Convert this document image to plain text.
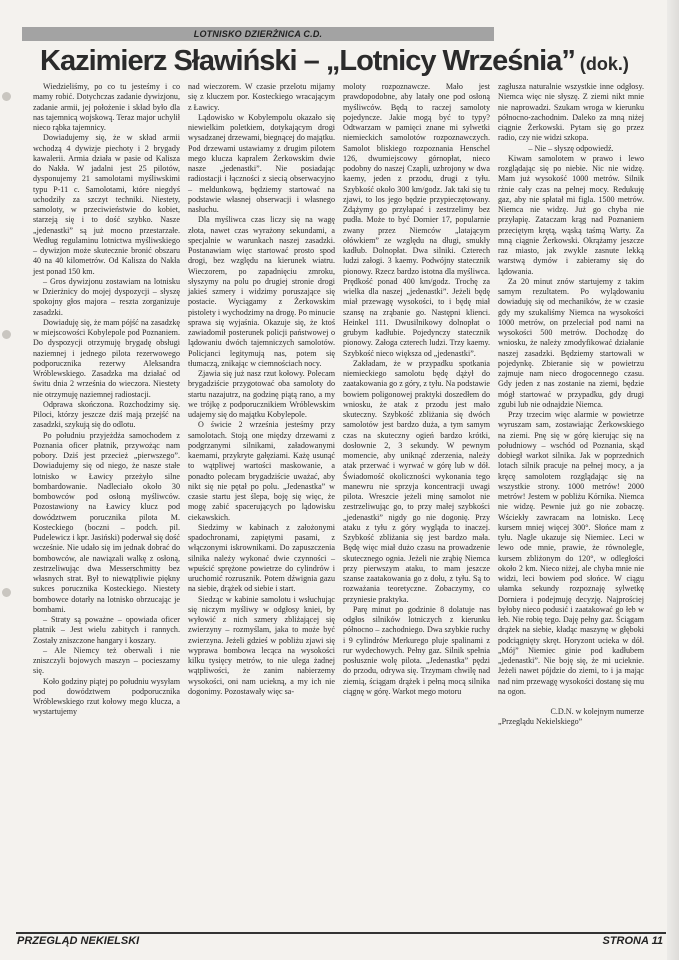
LOTNISKO DZIERŻNICA C.D.
Kazimierz Sławiński – „Lotnicy Września” (dok.)

Wiedzieliśmy, po co tu jesteśmy i co mamy robić. Dotychczas zadanie dywizjonu, zadanie armii, jej położenie i skład było dla nas tajemnicą wojskową. Teraz major uchylił nieco rąbka tajemnicy.

Dowiadujemy się, że w skład armii wchodzą 4 dywizje piechoty i 2 brygady kawalerii. Armia działa w pasie od Kalisza do Nakła. W jadalni jest 25 pilotów, dysponujemy 21 samolotami myśliwskimi typu P-11 c. Samolotami, które niegdyś uchodziły za szczyt techniki. Niestety, samoloty, w przeciwieństwie do kobiet, starzeją się i to dość szybko. Nasze „jedenastki” są już mocno przestarzałe. Według regulaminu lotnictwa myśliwskiego – dywizjon może skutecznie bronić obszaru 40 na 40 kilometrów. Od Kalisza do Nakła jest ponad 150 km.

– Gros dywizjonu zostawiam na lotnisku w Dzierżnicy do mojej dyspozycji – słyszę spokojny głos majora – reszta zorganizuje zasadzki.

Dowiaduję się, że mam pójść na zasadzkę w miejscowości Kobylepole pod Poznaniem. Do dyspozycji otrzymuję brygadę obsługi naziemnej i jednego pilota rezerwowego podporucznika rezerwy Aleksandra Wróblewskiego. Zasadzka ma działać od świtu dnia 2 września do wieczora. Niestety nie otrzymuję naziemnej radiostacji.

Odprawa skończona. Rozchodzimy się. Piloci, którzy jeszcze dziś mają przejść na zasadzki, szykują się do odlotu.

Po południu przyjeżdża samochodem z Poznania oficer płatnik, przywożąc nam pobory. Dziś jest przecież „pierwszego”. Dowiadujemy się od niego, że nasze stałe lotnisko w Ławicy przeżyło silne bombardowanie. Nadleciało około 30 bombowców pod osłoną myśliwców. Pozostawiony na Ławicy klucz pod dowództwem porucznika pilota M. Kosteckiego (boczni – podch. pil. Pudelewicz i kpr. Jasiński) poderwał się dość wcześnie. Nie udało się im jednak dobrać do bombowców, ale nawiązali walkę z osłoną, zestrzeliwując dwa Messerschmitty bez własnych strat. Był to niewątpliwie piękny sukces porucznika Kosteckiego. Niestety bombowce dotarły na lotnisko obrzucając je bombami.

– Straty są poważne – opowiada oficer płatnik – Jest wielu zabitych i rannych. Zostały zniszczone hangary i koszary.

– Ale Niemcy też oberwali i nie zniszczyli bojowych maszyn – pocieszamy się.

Koło godziny piątej po południu wysyłam pod dowództwem podporucznika Wróblewskiego rzut kołowy mego klucza, a wystartujemy

nad wieczorem. W czasie przelotu mijamy się z kluczem por. Kosteckiego wracającym z Ławicy.

Lądowisko w Kobylempolu okazało się niewielkim poletkiem, dotykającym drogi wysadzanej drzewami, biegnącej do majątku. Pod drzewami ustawiamy z drugim pilotem mego klucza kapralem Żerkowskim dwie nasze „jedenastki”. Nie posiadając radiostacji i łączności z siecią obserwacyjno – meldunkową, będziemy startować na podstawie własnej obserwacji i własnego nasłuchu.

Dla myśliwca czas liczy się na wagę złota, nawet czas wyrażony sekundami, a specjalnie w warunkach naszej zasadzki. Postanawiam więc startować prosto spod drogi, bez względu na kierunek wiatru. Wieczorem, po zapadnięciu zmroku, słyszymy na polu po drugiej stronie drogi jakieś szmery i widzimy poruszające się postacie. Wyciągamy z Żerkowskim pistolety i wychodzimy na drogę. Po minucie sprawa się wyjaśnia. Okazuje się, że ktoś zawiadomił posterunek policji państwowej o lądowaniu dwóch tajemniczych samolotów. Policjanci legitymują nas, potem się tłumaczą, znikając w ciemnościach nocy.

Zjawia się już nasz rzut kołowy. Polecam brygadziście przygotować oba samoloty do startu nazajutrz, na godzinę piątą rano, a my we trójkę z podporucznikiem Wróblewskim udajemy się do majątku Kobylepole.

O świcie 2 września jesteśmy przy samolotach. Stoją one między drzewami z podgrzanymi silnikami, załadowanymi kaemami, przykryte gałęziami. Każę usunąć to wątpliwej wartości maskowanie, a ponadto polecam brygadziście uważać, aby nikt się nie pętał po polu. „Jedenastka” w czasie startu jest ślepa, boję się więc, że mogę zabić spacerujących po lądowisku ciekawskich.

Siedzimy w kabinach z założonymi spadochronami, zapiętymi pasami, z włączonymi iskrownikami. Do zapuszczenia silnika należy wykonać dwie czynności – wpuścić sprężone powietrze do cylindrów i uruchomić rozrusznik. Potem dźwignia gazu na siebie, drążek od siebie i start.

Siedząc w kabinie samolotu i wsłuchując się niczym myśliwy w odgłosy kniei, by wyłowić z nich szmery zbliżającej się zwierzyny – rozmyślam, jaka to może być zwierzyna. Jeżeli gdzieś w pobliżu zjawi się wyprawa bombowa lecąca na wysokości kilku tysięcy metrów, to nie ulega żadnej wątpliwości, że zanim nabierzemy wysokości, oni nam uciekną, a my ich nie dogonimy. Pozostawały więc sa-

moloty rozpoznawcze. Mało jest prawdopodobne, aby latały one pod osłoną myśliwców. Będą to raczej samoloty pojedyncze. Jakie mogą być to typy? Odtwarzam w pamięci znane mi sylwetki niemieckich samolotów rozpoznawczych. Samolot bliskiego rozpoznania Henschel 126, dwumiejscowy górnopłat, nieco podobny do naszej Czapli, uzbrojony w dwa kaemy, jeden z przodu, drugi z tyłu. Szybkość około 300 km/godz. Jak taki się tu zjawi, to los jego będzie przypieczętowany. Zdążymy go przyłapać i zestrzelimy bez pudła. Może to być Dornier 17, popularnie zwany przez Niemców „latającym ołówkiem” ze względu na długi, smukły kadłub. Dolnopłat. Dwa silniki. Czterech ludzi załogi. 3 kaemy. Podwójny statecznik pionowy. Rzecz bardzo istotna dla myśliwca. Prędkość ponad 400 km/godz. Trochę za wielka dla naszej „jedenastki”. Jeżeli będę miał przewagę wysokości, to i będę miał szansę na zrąbanie go. Następni klienci. Heinkel 111. Dwusilnikowy dolnopłat o grubym kadłubie. Pojedynczy statecznik pionowy. Załoga czterech ludzi. Trzy kaemy. Szybkość nieco większa od „jedenastki”.

Zakładam, że w przypadku spotkania niemieckiego samolotu będę dążył do zaatakowania go z góry, z tyłu. Na podstawie bowiem poligonowej praktyki doszedłem do wniosku, że atak z przodu jest mało skuteczny. Szybkość zbliżania się dwóch samolotów jest bardzo duża, a tym samym czas na skuteczny ogień bardzo krótki, dosłownie 2, 3 sekundy. W pewnym momencie, aby uniknąć zderzenia, należy atak przerwać i wyrwać w górę lub w dół. Świadomość okoliczności wykonania tego manewru nie sprzyja koncentracji uwagi pilota. Wreszcie jeżeli minę samolot nie zestrzeliwując go, to przy małej szybkości „jedenastki” nigdy go nie dogonię. Przy ataku z tyłu z góry wygląda to inaczej. Szybkość zbliżania się jest bardzo mała. Będę więc miał dużo czasu na prowadzenie skutecznego ognia. Jeżeli nie zrąbię Niemca przy pierwszym ataku, to mam jeszcze szanse zaatakowania go z dołu, z tyłu. Są to rozważania teoretyczne. Zobaczymy, co przyniesie praktyka.

Parę minut po godzinie 8 dolatuje nas odgłos silników lotniczych z kierunku północno – zachodniego. Dwa szybkie ruchy i 9 cylindrów Merkurego pluje spalinami z rur wydechowych. Pełny gaz. Silnik spełnia posłusznie wolę pilota. „Jedenastka” pędzi do przodu, odrywa się. Trzymam chwilę nad ziemią, ściągam drążek i pełną mocą silnika ciągnę w górę. Warkot mego motoru

zagłusza naturalnie wszystkie inne odgłosy. Niemca więc nie słyszę. Z ziemi nikt mnie nie naprowadzi. Szukam wroga w kierunku północno-zachodnim. Daleko za mną niżej ciągnie Żerkowski. Pytam się go przez radio, czy nie widzi szkopa.

– Nie – słyszę odpowiedź.

Kiwam samolotem w prawo i lewo rozglądając się po niebie. Nic nie widzę. Mam już wysokość 1000 metrów. Silnik rżnie cały czas na pełnej mocy. Redukuję gaz, aby nie spłatał mi figla. 1500 metrów. Niemca nie widzę. Już go chyba nie przyłapię. Zataczam krąg nad Poznaniem przeciętym krętą, wąską taśmą Warty. Za mną ciągnie Żerkowski. Okrążamy jeszcze raz miasto, jak zwykle zasnute lekką warstwą dymów i zabieramy się do lądowania.

Za 20 minut znów startujemy z takim samym rezultatem. Po wylądowaniu dowiaduję się od mechaników, że w czasie gdy my szukaliśmy Niemca na wysokości 1000 metrów, on przeleciał pod nami na wysokości 500 metrów. Dochodzę do wniosku, że należy zmodyfikować działanie naszej zasadzki. Będziemy startowali w pojedynkę. Zbieranie się w powietrzu zajmuje nam nieco drogocennego czasu. Gdy jeden z nas zostanie na ziemi, będzie mógł startować w przypadku, gdy drugi zgubi lub nie odnajdzie Niemca.

Przy trzecim więc alarmie w powietrze wyruszam sam, zostawiając Żerkowskiego na ziemi. Pnę się w górę kierując się na południowy – wschód od Poznania, skąd dobiegł warkot silnika. Jak w poprzednich lotach silnik pracuje na pełnej mocy, a ja kręcę samolotem rozglądając się na wszystkie strony. 1000 metrów! 2000 metrów! Jestem w pobliżu Kórnika. Niemca nie widzę. Pewnie już go nie zobaczę. Wściekły zawracam na lotnisko. Lecę kursem mniej więcej 300°. Słońce mam z tyłu. Nagle ukazuje się Niemiec. Leci w lewo ode mnie, prawie, że równolegle, kursem zbliżonym do 120°, w odległości około 2 km. Nieco niżej, ale chyba mnie nie widzi, leci bowiem pod słońce. W ciągu ułamka sekundy rozpoznaję sylwetkę Dorniera i podejmuję decyzję. Najprościej byłoby nieco podusić i zaatakować go łeb w łeb. Nie robię tego. Daję pełny gaz. Ściągam drążek na siebie, kładąc maszynę w głęboki podciągnięty skręt. Horyzont ucieka w dół. „Mój” Niemiec ginie pod kadłubem „jedenastki”. Nie boję się, że mi ucieknie. Jeżeli nawet pójdzie do ziemi, to i ja mając nad nim przewagę wysokości dostanę się mu na ogon.

C.D.N. w kolejnym numerze

„Przeglądu Nekielskiego”

PRZEGLĄD NEKIELSKI	STRONA 11
